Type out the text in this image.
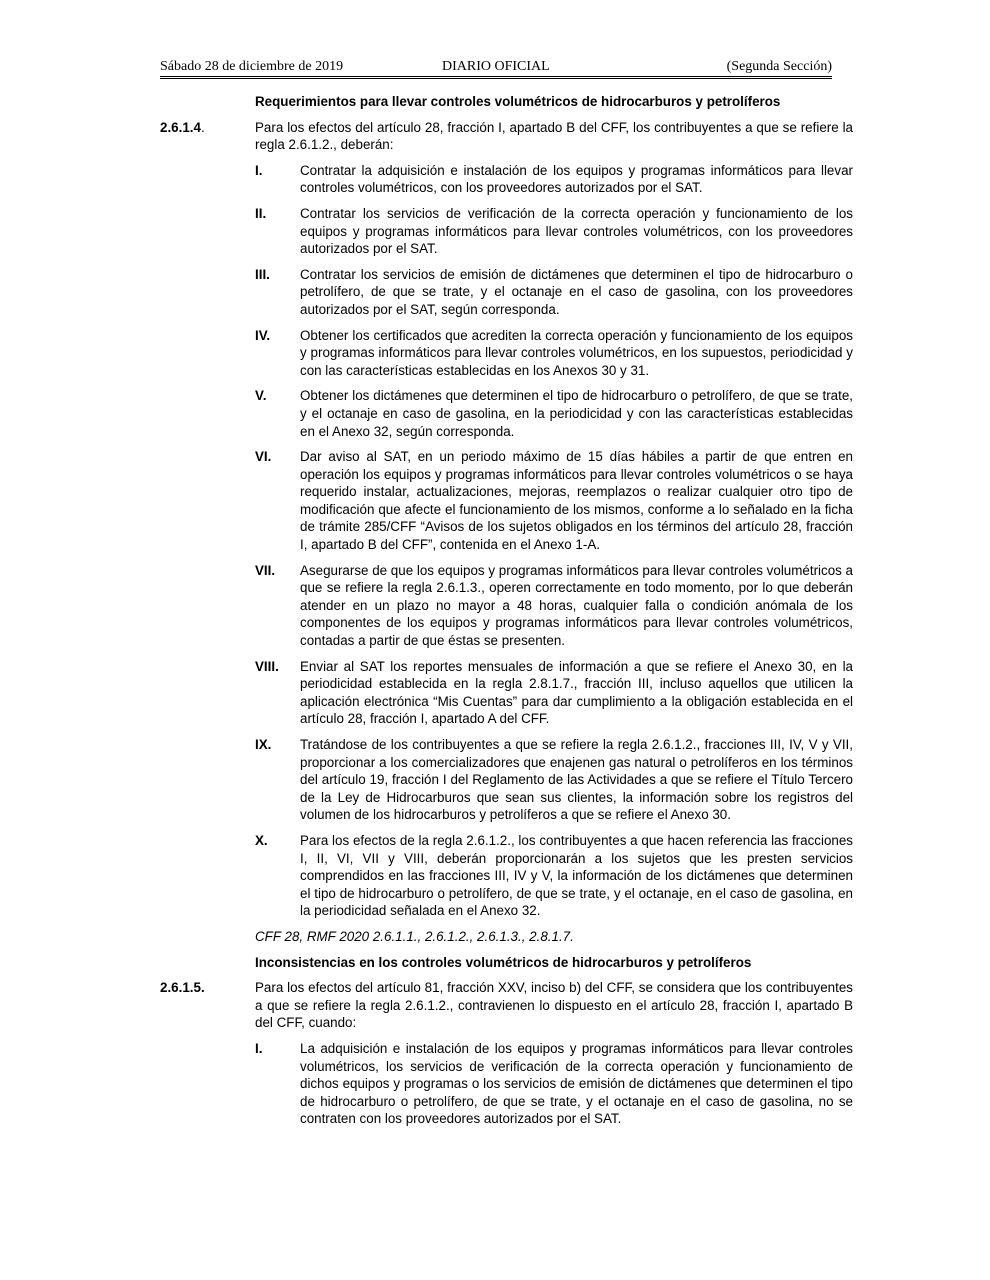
Sábado 28 de diciembre de 2019	DIARIO OFICIAL	(Segunda Sección)
Requerimientos para llevar controles volumétricos de hidrocarburos y petrolíferos
2.6.1.4.	Para los efectos del artículo 28, fracción I, apartado B del CFF, los contribuyentes a que se refiere la regla 2.6.1.2., deberán:
I.	Contratar la adquisición e instalación de los equipos y programas informáticos para llevar controles volumétricos, con los proveedores autorizados por el SAT.
II.	Contratar los servicios de verificación de la correcta operación y funcionamiento de los equipos y programas informáticos para llevar controles volumétricos, con los proveedores autorizados por el SAT.
III.	Contratar los servicios de emisión de dictámenes que determinen el tipo de hidrocarburo o petrolífero, de que se trate, y el octanaje en el caso de gasolina, con los proveedores autorizados por el SAT, según corresponda.
IV.	Obtener los certificados que acrediten la correcta operación y funcionamiento de los equipos y programas informáticos para llevar controles volumétricos, en los supuestos, periodicidad y con las características establecidas en los Anexos 30 y 31.
V.	Obtener los dictámenes que determinen el tipo de hidrocarburo o petrolífero, de que se trate, y el octanaje en caso de gasolina, en la periodicidad y con las características establecidas en el Anexo 32, según corresponda.
VI.	Dar aviso al SAT, en un periodo máximo de 15 días hábiles a partir de que entren en operación los equipos y programas informáticos para llevar controles volumétricos o se haya requerido instalar, actualizaciones, mejoras, reemplazos o realizar cualquier otro tipo de modificación que afecte el funcionamiento de los mismos, conforme a lo señalado en la ficha de trámite 285/CFF “Avisos de los sujetos obligados en los términos del artículo 28, fracción I, apartado B del CFF”, contenida en el Anexo 1-A.
VII.	Asegurarse de que los equipos y programas informáticos para llevar controles volumétricos a que se refiere la regla 2.6.1.3., operen correctamente en todo momento, por lo que deberán atender en un plazo no mayor a 48 horas, cualquier falla o condición anómala de los componentes de los equipos y programas informáticos para llevar controles volumétricos, contadas a partir de que éstas se presenten.
VIII.	Enviar al SAT los reportes mensuales de información a que se refiere el Anexo 30, en la periodicidad establecida en la regla 2.8.1.7., fracción III, incluso aquellos que utilicen la aplicación electrónica “Mis Cuentas” para dar cumplimiento a la obligación establecida en el artículo 28, fracción I, apartado A del CFF.
IX.	Tratándose de los contribuyentes a que se refiere la regla 2.6.1.2., fracciones III, IV, V y VII, proporcionar a los comercializadores que enajenen gas natural o petrolíferos en los términos del artículo 19, fracción I del Reglamento de las Actividades a que se refiere el Título Tercero de la Ley de Hidrocarburos que sean sus clientes, la información sobre los registros del volumen de los hidrocarburos y petrolíferos a que se refiere el Anexo 30.
X.	Para los efectos de la regla 2.6.1.2., los contribuyentes a que hacen referencia las fracciones I, II, VI, VII y VIII, deberán proporcionarán a los sujetos que les presten servicios comprendidos en las fracciones III, IV y V, la información de los dictámenes que determinen el tipo de hidrocarburo o petrolífero, de que se trate, y el octanaje, en el caso de gasolina, en la periodicidad señalada en el Anexo 32.
CFF 28, RMF 2020 2.6.1.1., 2.6.1.2., 2.6.1.3., 2.8.1.7.
Inconsistencias en los controles volumétricos de hidrocarburos y petrolíferos
2.6.1.5.	Para los efectos del artículo 81, fracción XXV, inciso b) del CFF, se considera que los contribuyentes a que se refiere la regla 2.6.1.2., contravienen lo dispuesto en el artículo 28, fracción I, apartado B del CFF, cuando:
I.	La adquisición e instalación de los equipos y programas informáticos para llevar controles volumétricos, los servicios de verificación de la correcta operación y funcionamiento de dichos equipos y programas o los servicios de emisión de dictámenes que determinen el tipo de hidrocarburo o petrolífero, de que se trate, y el octanaje en el caso de gasolina, no se contraten con los proveedores autorizados por el SAT.
